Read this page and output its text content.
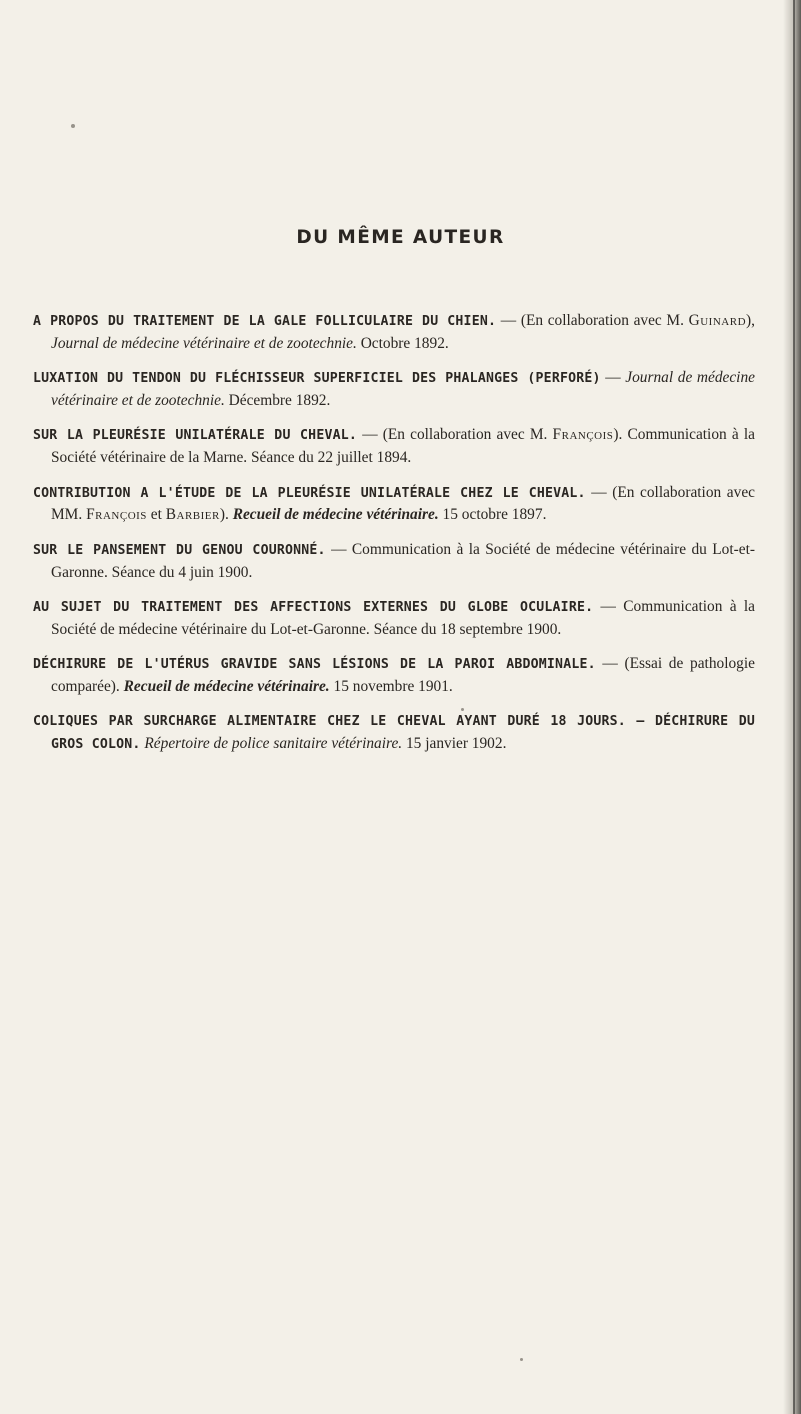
DU MÊME AUTEUR

A PROPOS DU TRAITEMENT DE LA GALE FOLLICULAIRE DU CHIEN. — (En collaboration avec M. Guinard), Journal de médecine vétérinaire et de zootechnie. Octobre 1892.

LUXATION DU TENDON DU FLÉCHISSEUR SUPERFICIEL DES PHALANGES (PERFORÉ) — Journal de médecine vétérinaire et de zootechnie. Décembre 1892.

SUR LA PLEURÉSIE UNILATÉRALE DU CHEVAL. — (En collaboration avec M. François). Communication à la Société vétérinaire de la Marne. Séance du 22 juillet 1894.

CONTRIBUTION A L'ÉTUDE DE LA PLEURÉSIE UNILATÉRALE CHEZ LE CHEVAL. — (En collaboration avec MM. François et Barbier). Recueil de médecine vétérinaire. 15 octobre 1897.

SUR LE PANSEMENT DU GENOU COURONNÉ. — Communication à la Société de médecine vétérinaire du Lot-et-Garonne. Séance du 4 juin 1900.

AU SUJET DU TRAITEMENT DES AFFECTIONS EXTERNES DU GLOBE OCULAIRE. — Communication à la Société de médecine vétérinaire du Lot-et-Garonne. Séance du 18 septembre 1900.

DÉCHIRURE DE L'UTÉRUS GRAVIDE SANS LÉSIONS DE LA PAROI ABDOMINALE. — (Essai de pathologie comparée). Recueil de médecine vétérinaire. 15 novembre 1901.

COLIQUES PAR SURCHARGE ALIMENTAIRE CHEZ LE CHEVAL AYANT DURÉ 18 JOURS. — DÉCHIRURE DU GROS COLON. Répertoire de police sanitaire vétérinaire. 15 janvier 1902.
